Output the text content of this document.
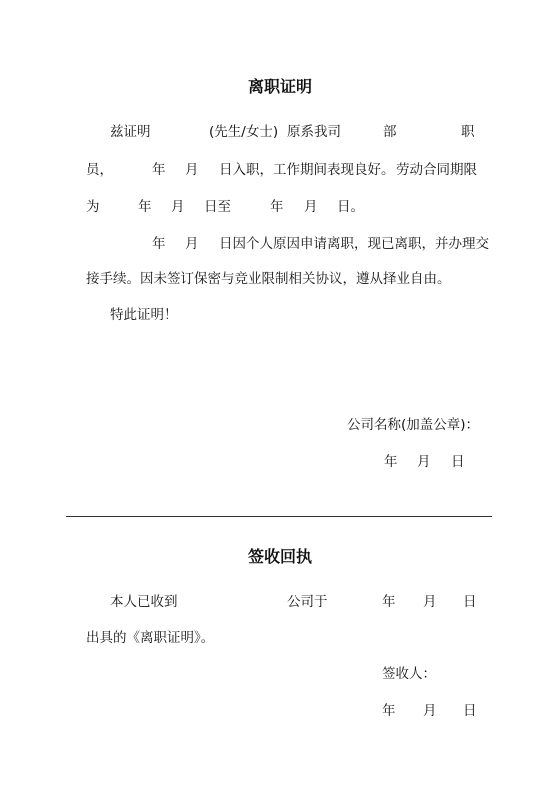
离职证明
兹证明	(先生/女士) 原系我司	部	职
员，	年 月 日入职，工作期间表现良好。 劳动合同期限
为	年 月 日至	年 月 日。
年 月 日因个人原因申请离职，现已离职，并办理交
接手续。因未签订保密与竞业限制相关协议，遵从择业自由。
特此证明！
公司名称(加盖公章)：
年 月 日
签收回执
本人已收到	公司于	年 月 日
出具的《离职证明》。
签收人：
年 月 日
